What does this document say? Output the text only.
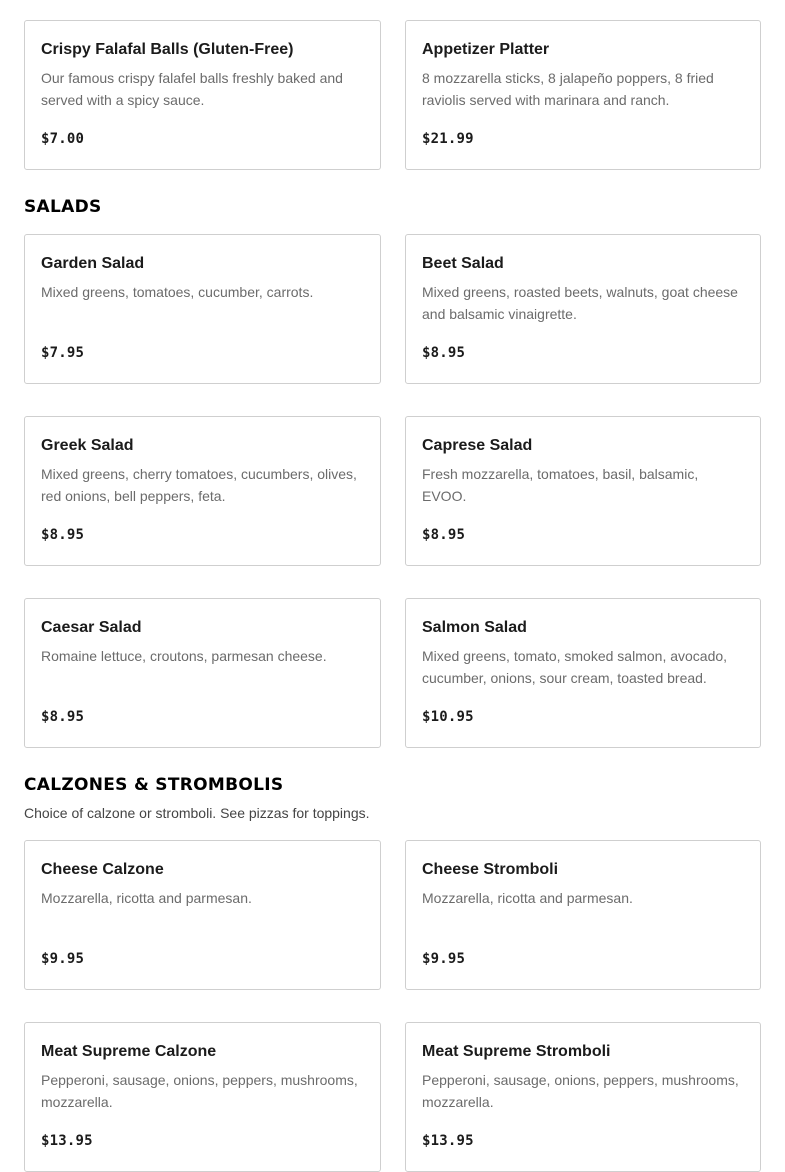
Crispy Falafal Balls (Gluten-Free)
Our famous crispy falafel balls freshly baked and served with a spicy sauce.
$7.00
Appetizer Platter
8 mozzarella sticks, 8 jalapeño poppers, 8 fried raviolis served with marinara and ranch.
$21.99
SALADS
Garden Salad
Mixed greens, tomatoes, cucumber, carrots.
$7.95
Beet Salad
Mixed greens, roasted beets, walnuts, goat cheese and balsamic vinaigrette.
$8.95
Greek Salad
Mixed greens, cherry tomatoes, cucumbers, olives, red onions, bell peppers, feta.
$8.95
Caprese Salad
Fresh mozzarella, tomatoes, basil, balsamic, EVOO.
$8.95
Caesar Salad
Romaine lettuce, croutons, parmesan cheese.
$8.95
Salmon Salad
Mixed greens, tomato, smoked salmon, avocado, cucumber, onions, sour cream, toasted bread.
$10.95
CALZONES & STROMBOLIS
Choice of calzone or stromboli. See pizzas for toppings.
Cheese Calzone
Mozzarella, ricotta and parmesan.
$9.95
Cheese Stromboli
Mozzarella, ricotta and parmesan.
$9.95
Meat Supreme Calzone
Pepperoni, sausage, onions, peppers, mushrooms, mozzarella.
$13.95
Meat Supreme Stromboli
Pepperoni, sausage, onions, peppers, mushrooms, mozzarella.
$13.95
